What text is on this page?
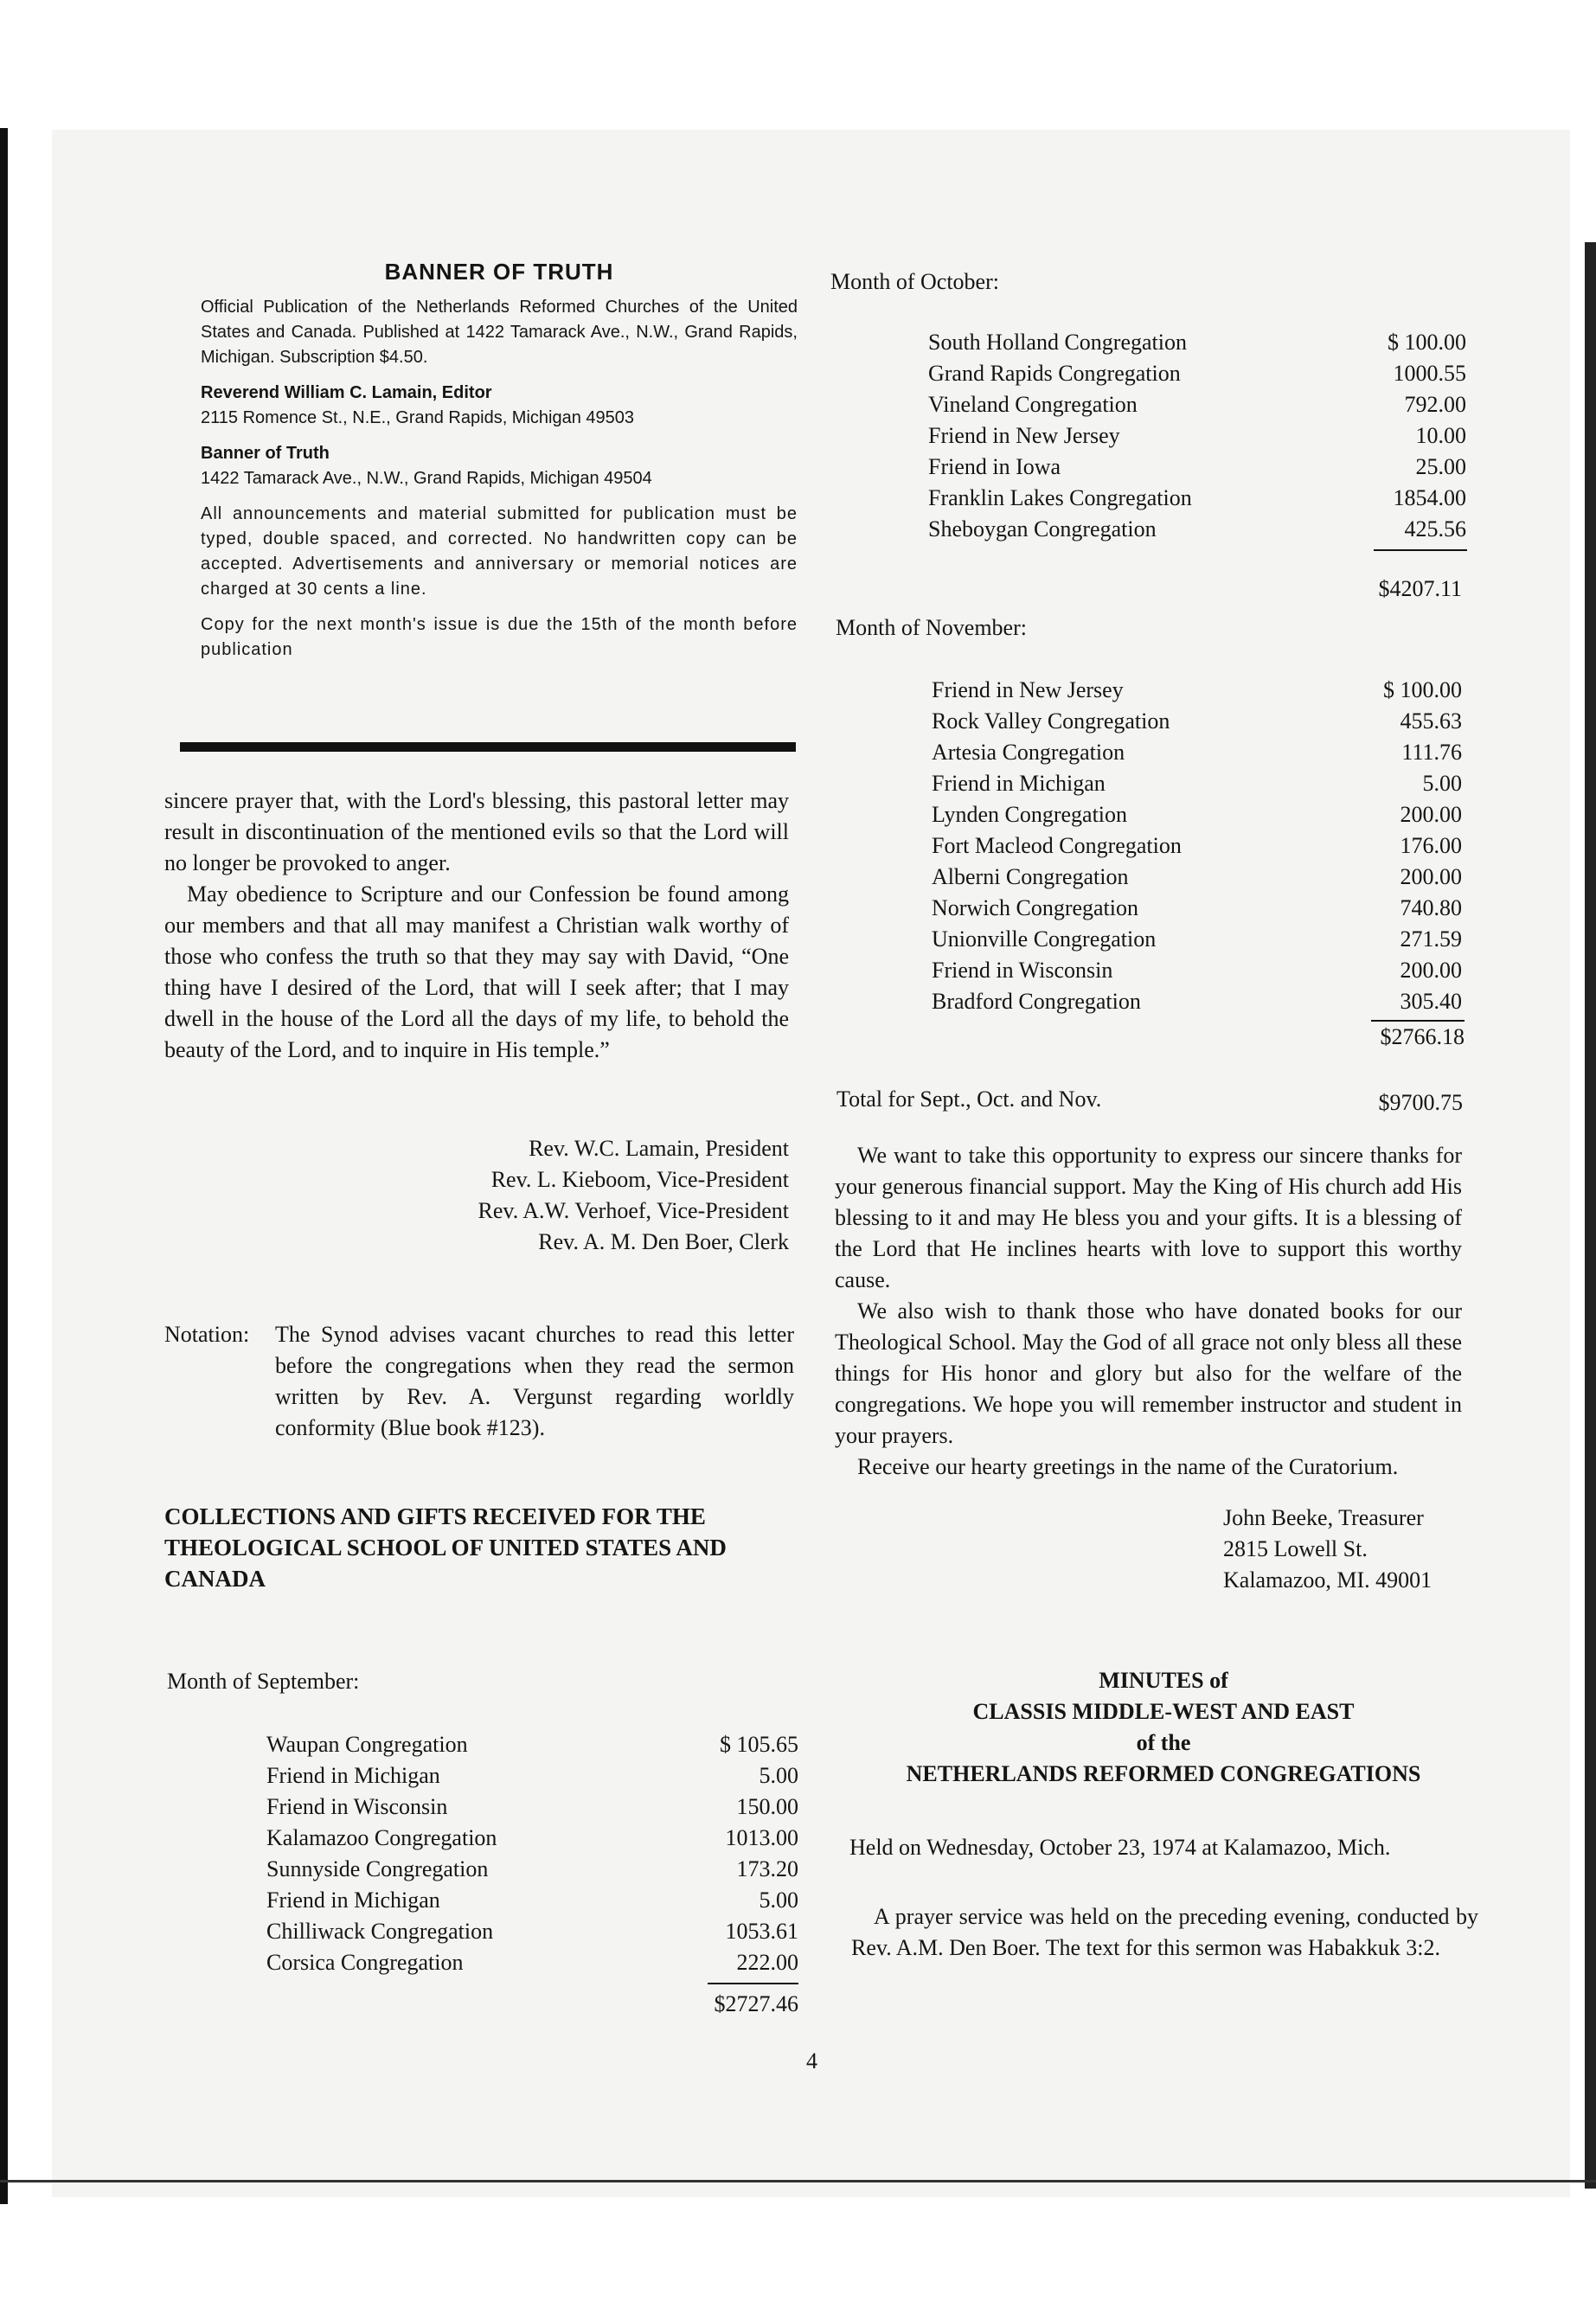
BANNER OF TRUTH

Official Publication of the Netherlands Reformed Churches of the United States and Canada. Published at 1422 Tamarack Ave., N.W., Grand Rapids, Michigan. Subscription $4.50.

Reverend William C. Lamain, Editor
2115 Romence St., N.E., Grand Rapids, Michigan 49503

Banner of Truth
1422 Tamarack Ave., N.W., Grand Rapids, Michigan 49504

All announcements and material submitted for publication must be typed, double spaced, and corrected. No handwritten copy can be accepted. Advertisements and anniversary or memorial notices are charged at 30 cents a line.

Copy for the next month's issue is due the 15th of the month before publication

sincere prayer that, with the Lord's blessing, this pastoral letter may result in discontinuation of the mentioned evils so that the Lord will no longer be provoked to anger.

May obedience to Scripture and our Confession be found among our members and that all may manifest a Christian walk worthy of those who confess the truth so that they may say with David, “One thing have I desired of the Lord, that will I seek after; that I may dwell in the house of the Lord all the days of my life, to behold the beauty of the Lord, and to inquire in His temple.”

Rev. W.C. Lamain, President
Rev. L. Kieboom, Vice-President
Rev. A.W. Verhoef, Vice-President
Rev. A. M. Den Boer, Clerk
Notation: The Synod advises vacant churches to read this letter before the congregations when they read the sermon written by Rev. A. Vergunst regarding worldly conformity (Blue book #123).
COLLECTIONS AND GIFTS RECEIVED FOR THE THEOLOGICAL SCHOOL OF UNITED STATES AND CANADA
Month of September:
Waupan Congregation	$ 105.65
Friend in Michigan	5.00
Friend in Wisconsin	150.00
Kalamazoo Congregation	1013.00
Sunnyside Congregation	173.20
Friend in Michigan	5.00
Chilliwack Congregation	1053.61
Corsica Congregation	222.00
$2727.46
Month of October:
South Holland Congregation	$ 100.00
Grand Rapids Congregation	1000.55
Vineland Congregation	792.00
Friend in New Jersey	10.00
Friend in Iowa	25.00
Franklin Lakes Congregation	1854.00
Sheboygan Congregation	425.56
$4207.11
Month of November:
Friend in New Jersey	$ 100.00
Rock Valley Congregation	455.63
Artesia Congregation	111.76
Friend in Michigan	5.00
Lynden Congregation	200.00
Fort Macleod Congregation	176.00
Alberni Congregation	200.00
Norwich Congregation	740.80
Unionville Congregation	271.59
Friend in Wisconsin	200.00
Bradford Congregation	305.40
$2766.18
Total for Sept., Oct. and Nov.	$9700.75

We want to take this opportunity to express our sincere thanks for your generous financial support. May the King of His church add His blessing to it and may He bless you and your gifts. It is a blessing of the Lord that He inclines hearts with love to support this worthy cause.

We also wish to thank those who have donated books for our Theological School. May the God of all grace not only bless all these things for His honor and glory but also for the welfare of the congregations. We hope you will remember instructor and student in your prayers.

Receive our hearty greetings in the name of the Curatorium.

John Beeke, Treasurer
2815 Lowell St.
Kalamazoo, MI. 49001
MINUTES of
CLASSIS MIDDLE-WEST AND EAST
of the
NETHERLANDS REFORMED CONGREGATIONS
Held on Wednesday, October 23, 1974 at Kalamazoo, Mich.

A prayer service was held on the preceding evening, conducted by Rev. A.M. Den Boer. The text for this sermon was Habakkuk 3:2.

4
